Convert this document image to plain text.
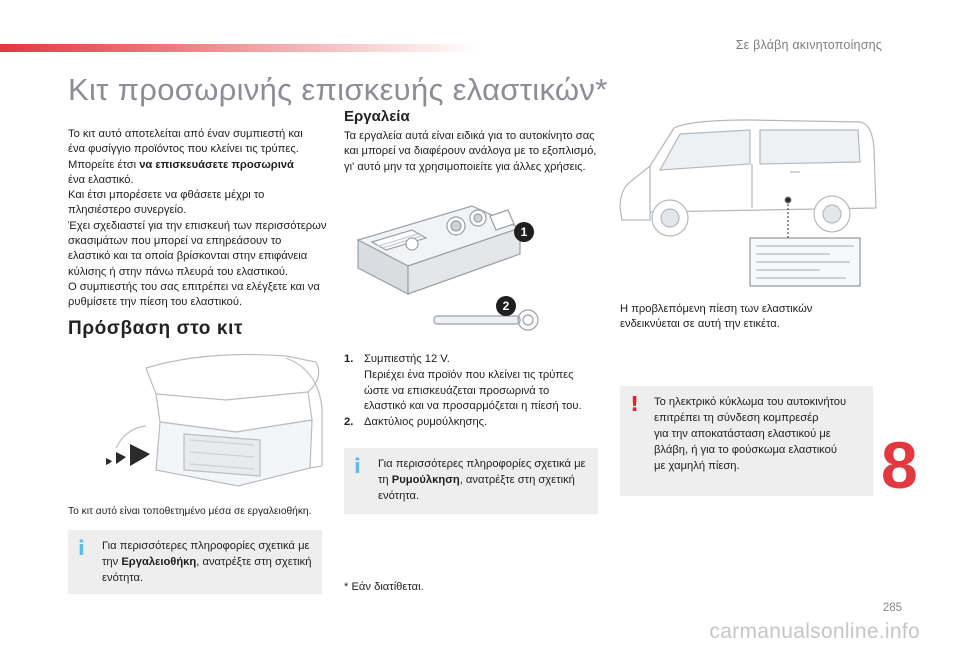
Σε βλάβη ακινητοποίησης
Κιτ προσωρινής επισκευής ελαστικών*
Το κιτ αυτό αποτελείται από έναν συμπιεστή και
ένα φυσίγγιο προϊόντος που κλείνει τις τρύπες.
Μπορείτε έτσι να επισκευάσετε προσωρινά
ένα ελαστικό.
Και έτσι μπορέσετε να φθάσετε μέχρι το
πλησιέστερο συνεργείο.
Έχει σχεδιαστεί για την επισκευή των περισσότερων
σκασιμάτων που μπορεί να επηρεάσουν το
ελαστικό και τα οποία βρίσκονται στην επιφάνεια
κύλισης ή στην πάνω πλευρά του ελαστικού.
Ο συμπιεστής του σας επιτρέπει να ελέγξετε και να
ρυθμίσετε την πίεση του ελαστικού.
Πρόσβαση στο κιτ
Το κιτ αυτό είναι τοποθετημένο μέσα σε εργαλειοθήκη.
i Για περισσότερες πληροφορίες σχετικά με την Εργαλειοθήκη, ανατρέξτε στη σχετική ενότητα.
Εργαλεία
Τα εργαλεία αυτά είναι ειδικά για το αυτοκίνητο σας
και μπορεί να διαφέρουν ανάλογα με το εξοπλισμό,
γι' αυτό μην τα χρησιμοποιείτε για άλλες χρήσεις.
1
2
1. Συμπιεστής 12 V.
Περιέχει ένα προϊόν που κλείνει τις τρύπες
ώστε να επισκευάζεται προσωρινά το
ελαστικό και να προσαρμόζεται η πίεσή του.
2. Δακτύλιος ρυμούλκησης.
i Για περισσότερες πληροφορίες σχετικά με τη Ρυμούλκηση, ανατρέξτε στη σχετική ενότητα.
* Εάν διατίθεται.
Η προβλεπόμενη πίεση των ελαστικών
ενδεικνύεται σε αυτή την ετικέτα.
! Το ηλεκτρικό κύκλωμα του αυτοκινήτου
επιτρέπει τη σύνδεση κομπρεσέρ
για την αποκατάσταση ελαστικού με
βλάβη, ή για το φούσκωμα ελαστικού
με χαμηλή πίεση.	8
285
carmanualsonline.info
